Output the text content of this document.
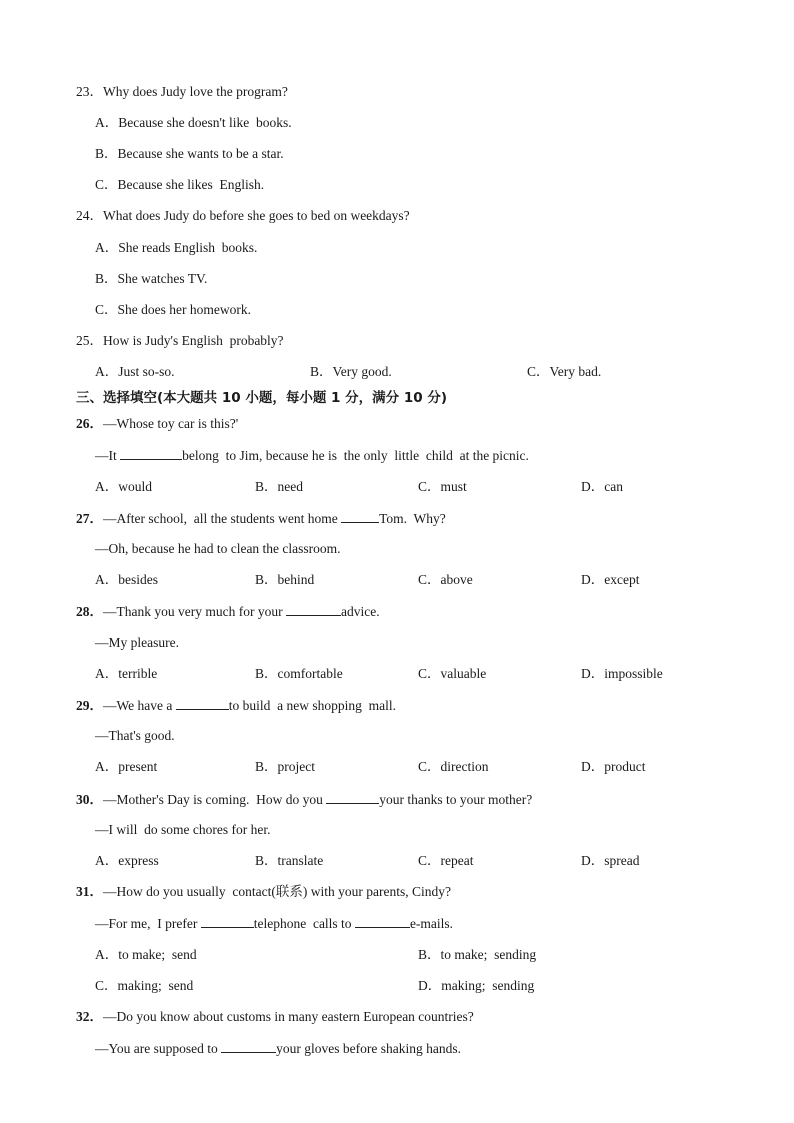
23．Why does Judy love the program?
A．Because she doesn't like  books.
B．Because she wants to be a star.
C．Because she likes  English.
24．What does Judy do before she goes to bed on weekdays?
A．She reads English  books.
B．She watches TV.
C．She does her homework.
25．How is Judy's English  probably?
A．Just so-so.	B．Very good.	C．Very bad.
三、选择填空(本大题共 10 小题，每小题 1 分，满分 10 分)
26．—Whose toy car is this?'
—It	belong  to Jim, because he is  the only  little  child  at the picnic.
A．would	B．need	C．must	D．can
27．—After school,  all the students went home	Tom.  Why?
—Oh, because he had to clean the classroom.
A．besides	B．behind	C．above	D．except
28．—Thank you very much for your	advice.
—My pleasure.
A．terrible	B．comfortable	C．valuable	D．impossible
29．—We have a	to build  a new shopping  mall.
—That's good.
A．present	B．project	C．direction	D．product
30．—Mother's Day is coming.  How do you	your thanks to your mother?
—I will  do some chores for her.
A．express	B．translate	C．repeat	D．spread
31．—How do you usually  contact(联系) with your parents, Cindy?
—For me,  I prefer	telephone  calls to	e-mails.
A．to make;  send	B．to make;  sending
C．making;  send	D．making;  sending
32．—Do you know about customs in many eastern European countries?
—You are supposed to	your gloves before shaking hands.
